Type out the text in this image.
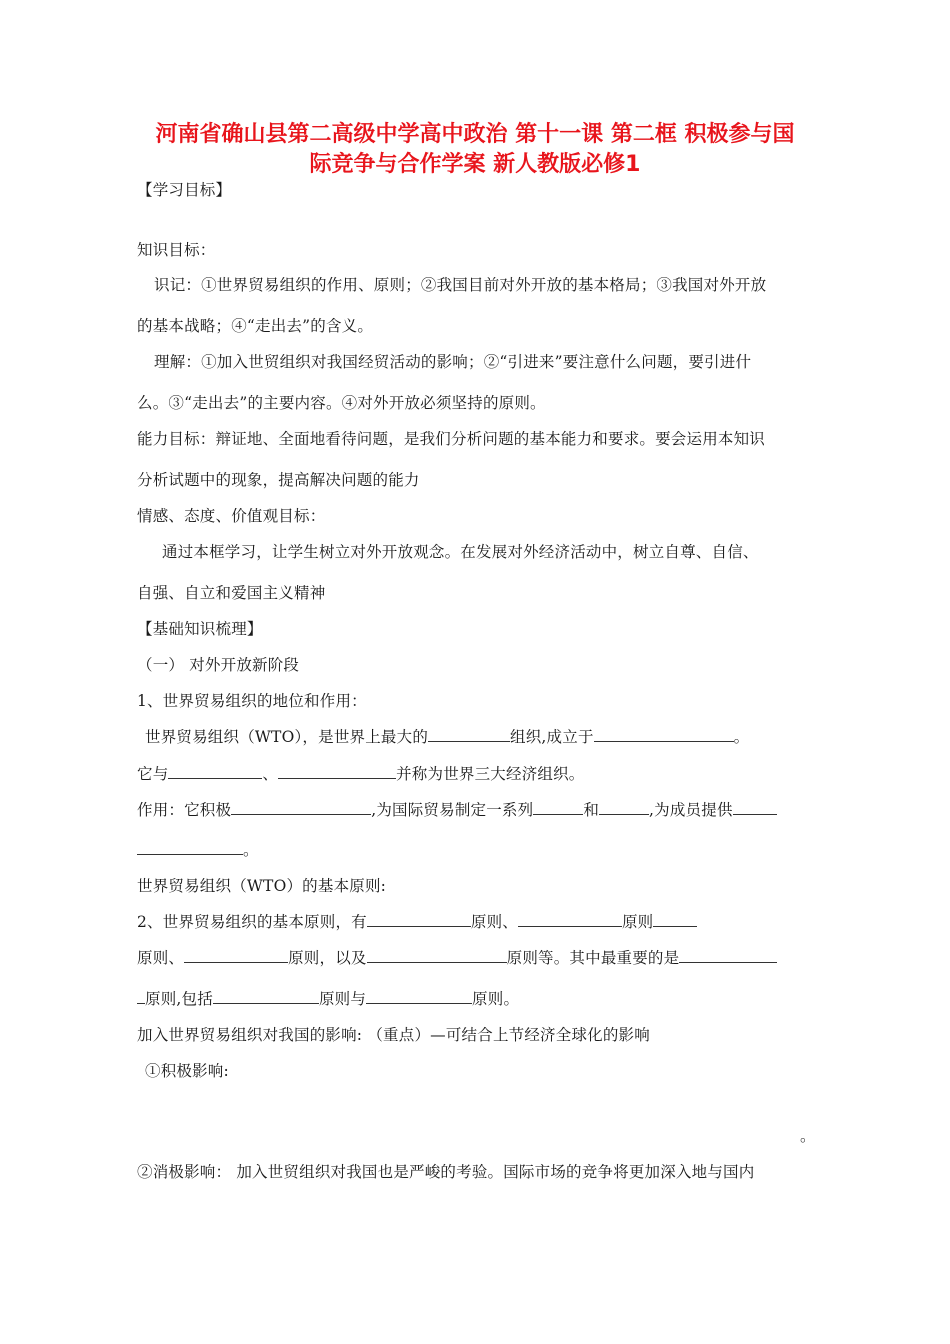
河南省确山县第二高级中学高中政治 第十一课 第二框 积极参与国
际竞争与合作学案 新人教版必修1
【学习目标】
知识目标：
识记：①世界贸易组织的作用、原则；②我国目前对外开放的基本格局；③我国对外开放
的基本战略；④“走出去”的含义。
理解：①加入世贸组织对我国经贸活动的影响；②“引进来”要注意什么问题，要引进什
么。③“走出去”的主要内容。④对外开放必须坚持的原则。
能力目标：辩证地、全面地看待问题，是我们分析问题的基本能力和要求。要会运用本知识
分析试题中的现象，提高解决问题的能力
情感、态度、价值观目标：
通过本框学习，让学生树立对外开放观念。在发展对外经济活动中，树立自尊、自信、
自强、自立和爱国主义精神
【基础知识梳理】
（一） 对外开放新阶段
1、世界贸易组织的地位和作用：
世界贸易组织（WTO），是世界上最大的	组织,成立于	。
它与	、	并称为世界三大经济组织。
作用：它积极	,为国际贸易制定一系列	和	,为成员提供
。
世界贸易组织（WTO）的基本原则:
2、世界贸易组织的基本原则，有	原则、	原则
原则、	原则，以及	原则等。其中最重要的是
原则,包括	原则与	原则。
加入世界贸易组织对我国的影响: （重点）—可结合上节经济全球化的影响
①积极影响:
。
②消极影响： 加入世贸组织对我国也是严峻的考验。国际市场的竞争将更加深入地与国内
